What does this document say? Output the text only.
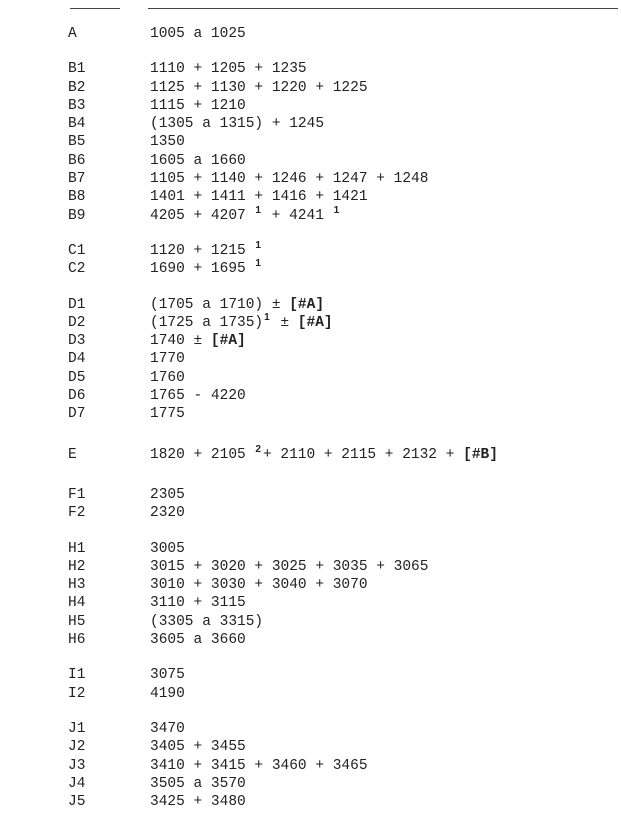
A	1005 a 1025
B1	1110 + 1205 + 1235
B2	1125 + 1130 + 1220 + 1225
B3	1115 + 1210
B4	(1305 a 1315) + 1245
B5	1350
B6	1605 a 1660
B7	1105 + 1140 + 1246 + 1247 + 1248
B8	1401 + 1411 + 1416 + 1421
B9	4205 + 4207 $^1$ + 4241 $^1$
C1	1120 + 1215 $^1$
C2	1690 + 1695 $^1$
D1	(1705 a 1710) ± [#A]
D2	(1725 a 1735)$^1$ ± [#A]
D3	1740 ± [#A]
D4	1770
D5	1760
D6	1765 - 4220
D7	1775
E	1820 + 2105 $^2$ + 2110 + 2115 + 2132 + [#B]
F1	2305
F2	2320
H1	3005
H2	3015 + 3020 + 3025 + 3035 + 3065
H3	3010 + 3030 + 3040 + 3070
H4	3110 + 3115
H5	(3305 a 3315)
H6	3605 a 3660
I1	3075
I2	4190
J1	3470
J2	3405 + 3455
J3	3410 + 3415 + 3460 + 3465
J4	3505 a 3570
J5	3425 + 3480
